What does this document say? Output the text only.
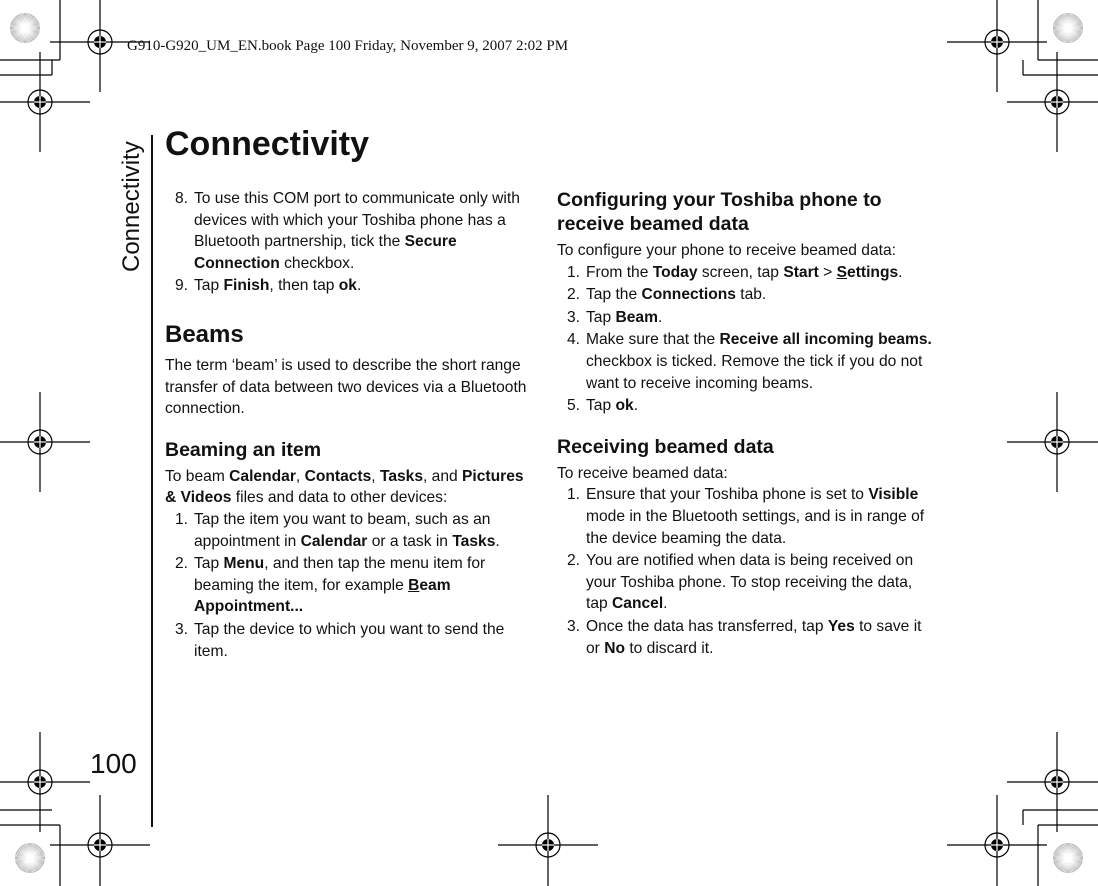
G910-G920_UM_EN.book Page 100 Friday, November 9, 2007 2:02 PM
Connectivity
Connectivity
100
8. To use this COM port to communicate only with devices with which your Toshiba phone has a Bluetooth partnership, tick the Secure Connection checkbox.
9. Tap Finish, then tap ok.
Beams
The term ‘beam’ is used to describe the short range transfer of data between two devices via a Bluetooth connection.
Beaming an item
To beam Calendar, Contacts, Tasks, and Pictures & Videos files and data to other devices:
1. Tap the item you want to beam, such as an appointment in Calendar or a task in Tasks.
2. Tap Menu, and then tap the menu item for beaming the item, for example Beam Appointment...
3. Tap the device to which you want to send the item.
Configuring your Toshiba phone to receive beamed data
To configure your phone to receive beamed data:
1. From the Today screen, tap Start > Settings.
2. Tap the Connections tab.
3. Tap Beam.
4. Make sure that the Receive all incoming beams. checkbox is ticked. Remove the tick if you do not want to receive incoming beams.
5. Tap ok.
Receiving beamed data
To receive beamed data:
1. Ensure that your Toshiba phone is set to Visible mode in the Bluetooth settings, and is in range of the device beaming the data.
2. You are notified when data is being received on your Toshiba phone. To stop receiving the data, tap Cancel.
3. Once the data has transferred, tap Yes to save it or No to discard it.
